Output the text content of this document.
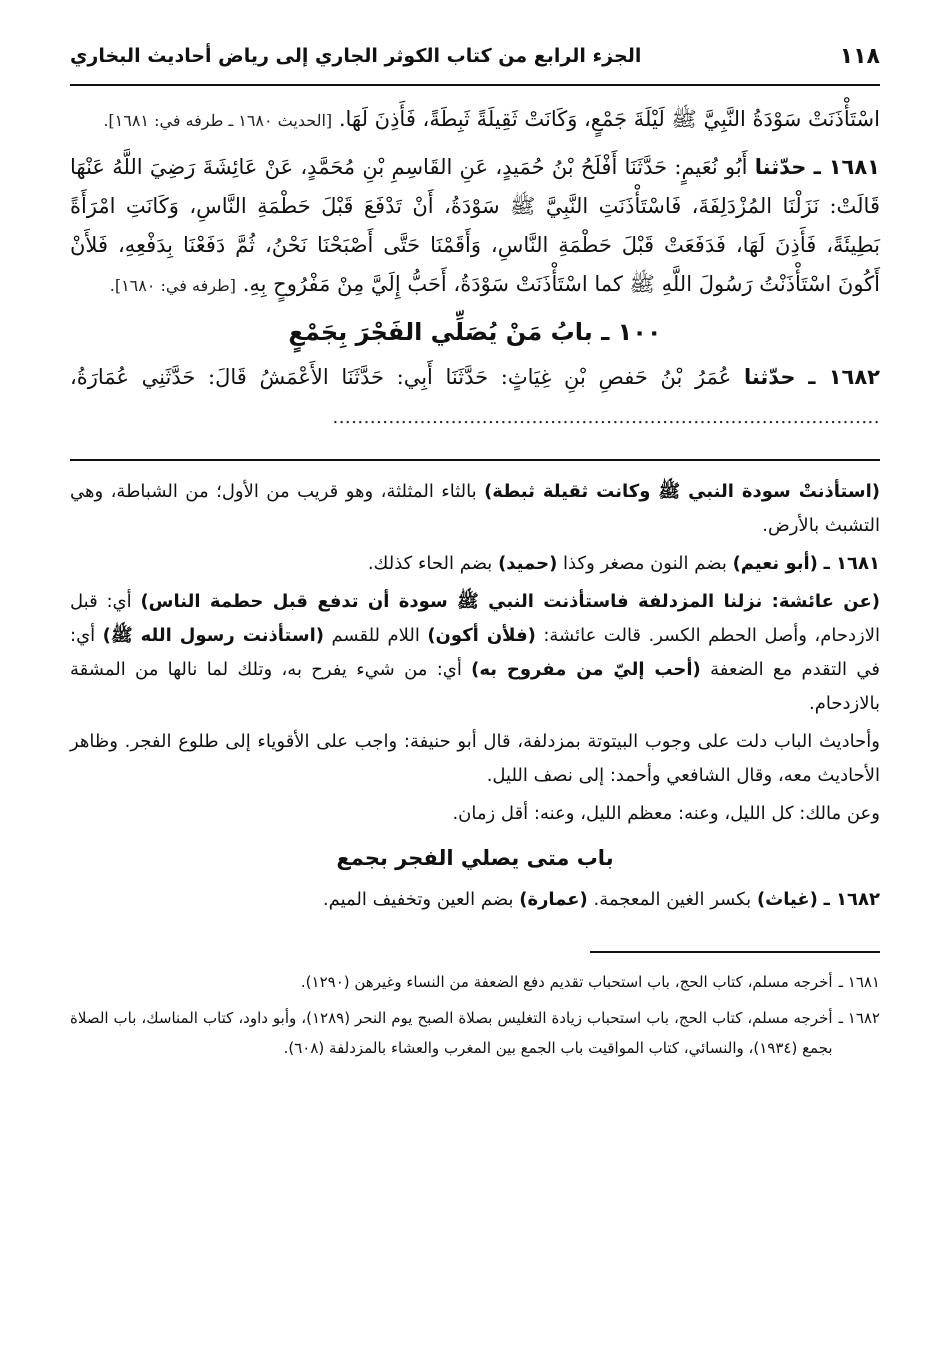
١١٨
الجزء الرابع من كتاب الكوثر الجاري إلى رياض أحاديث البخاري

اسْتَأْذَنَتْ سَوْدَةُ النَّبِيَّ ﷺ لَيْلَةَ جَمْعٍ، وَكَانَتْ ثَقِيلَةً ثَبِطَةً، فَأَذِنَ لَهَا. [الحديث ١٦٨٠ ـ طرفه في: ١٦٨١].

١٦٨١ ـ حدّثنا أَبُو نُعَيمٍ: حَدَّثَنَا أَفْلَحُ بْنُ حُمَيدٍ، عَنِ القَاسِمِ بْنِ مُحَمَّدٍ، عَنْ عَائِشَةَ رَضِيَ اللَّهُ عَنْهَا قَالَتْ: نَزَلْنَا المُزْدَلِفَةَ، فَاسْتَأْذَنَتِ النَّبِيَّ ﷺ سَوْدَةُ، أَنْ تَدْفَعَ قَبْلَ حَطْمَةِ النَّاسِ، وَكَانَتِ امْرَأَةً بَطِيئَةً، فَأَذِنَ لَهَا، فَدَفَعَتْ قَبْلَ حَطْمَةِ النَّاسِ، وَأَقَمْنَا حَتَّى أَصْبَحْنَا نَحْنُ، ثُمَّ دَفَعْنَا بِدَفْعِهِ، فَلأَنْ أَكُونَ اسْتَأْذَنْتُ رَسُولَ اللَّهِ ﷺ كما اسْتَأْذَنَتْ سَوْدَةُ، أَحَبُّ إِلَيَّ مِنْ مَفْرُوحٍ بِهِ. [طرفه في: ١٦٨٠].

١٠٠ ـ بابُ مَنْ يُصَلِّي الفَجْرَ بِجَمْعٍ

١٦٨٢ ـ حدّثنا عُمَرُ بْنُ حَفصِ بْنِ غِيَاثٍ: حَدَّثَنَا أَبِي: حَدَّثَنَا الأَعْمَشُ قَالَ: حَدَّثَنِي عُمَارَةُ، ........................................................................................

(استأذنتْ سودة النبي ﷺ وكانت ثقيلة ثبطة) بالثاء المثلثة، وهو قريب من الأول؛ من الشباطة، وهي التشبث بالأرض.

١٦٨١ ـ (أبو نعيم) بضم النون مصغر وكذا (حميد) بضم الحاء كذلك.

(عن عائشة: نزلنا المزدلفة فاستأذنت النبي ﷺ سودة أن تدفع قبل حطمة الناس) أي: قبل الازدحام، وأصل الحطم الكسر. قالت عائشة: (فلأن أكون) اللام للقسم (استأذنت رسول الله ﷺ) أي: في التقدم مع الضعفة (أحب إليّ من مفروح به) أي: من شيء يفرح به، وتلك لما نالها من المشقة بالازدحام.

وأحاديث الباب دلت على وجوب البيتوتة بمزدلفة، قال أبو حنيفة: واجب على الأقوياء إلى طلوع الفجر. وظاهر الأحاديث معه، وقال الشافعي وأحمد: إلى نصف الليل.

وعن مالك: كل الليل، وعنه: معظم الليل، وعنه: أقل زمان.

باب متى يصلي الفجر بجمع

١٦٨٢ ـ (غياث) بكسر الغين المعجمة. (عمارة) بضم العين وتخفيف الميم.

١٦٨١ ـ
أخرجه مسلم، كتاب الحج، باب استحباب تقديم دفع الضعفة من النساء وغيرهن (١٢٩٠).
١٦٨٢ ـ
أخرجه مسلم، كتاب الحج، باب استحباب زيادة التغليس بصلاة الصبح يوم النحر (١٢٨٩)، وأبو داود، كتاب المناسك، باب الصلاة بجمع (١٩٣٤)، والنسائي، كتاب المواقيت باب الجمع بين المغرب والعشاء بالمزدلفة (٦٠٨).
